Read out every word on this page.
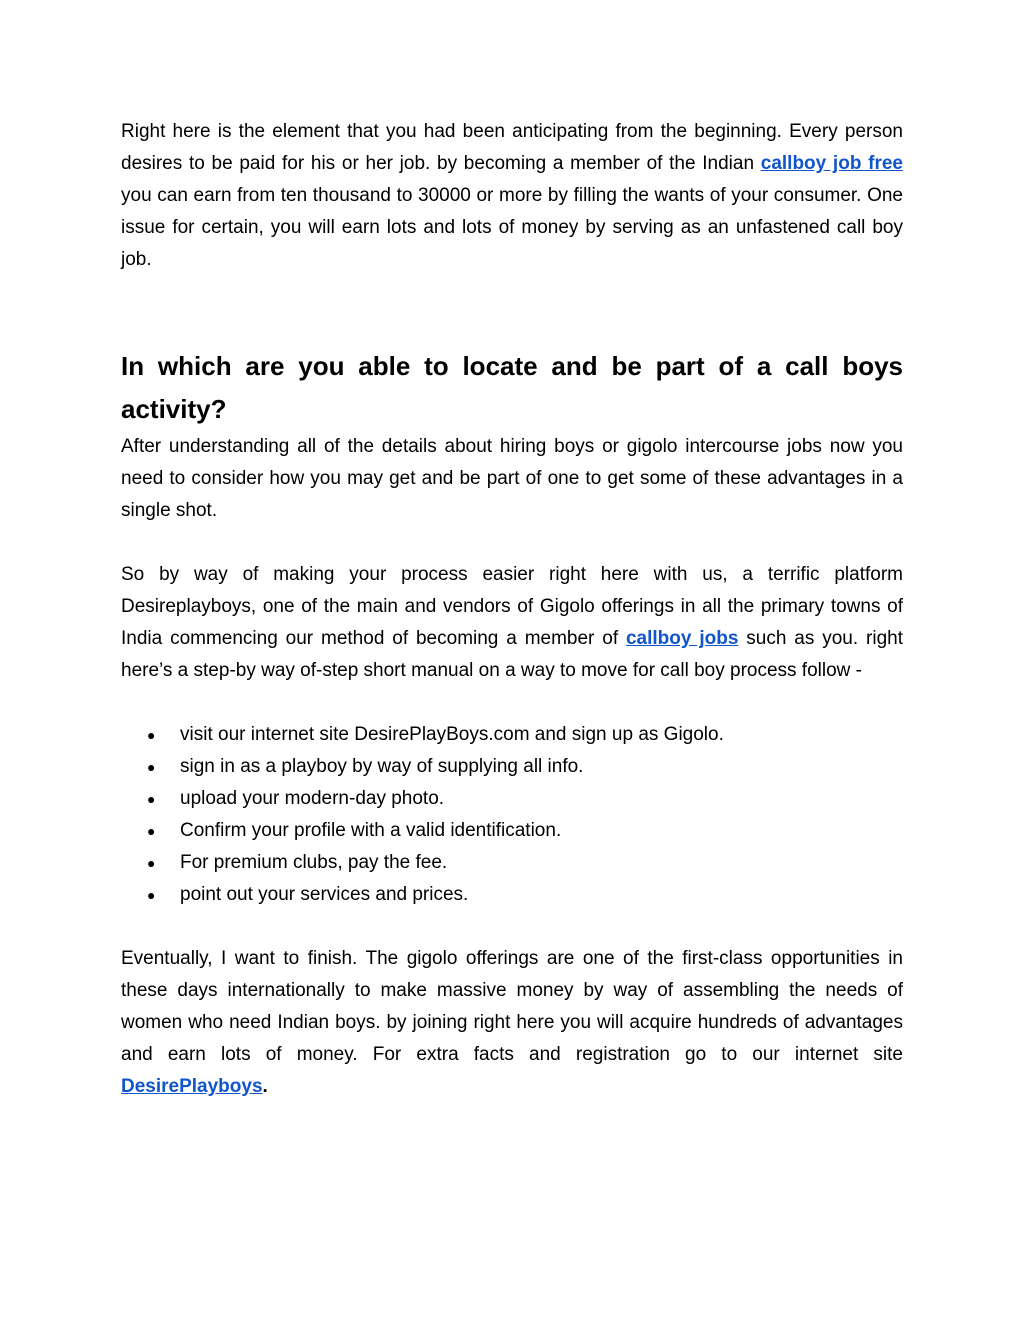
Right here is the element that you had been anticipating from the beginning. Every person desires to be paid for his or her job. by becoming a member of the Indian callboy job free you can earn from ten thousand to 30000 or more by filling the wants of your consumer. One issue for certain, you will earn lots and lots of money by serving as an unfastened call boy job.

In which are you able to locate and be part of a call boys activity?

After understanding all of the details about hiring boys or gigolo intercourse jobs now you need to consider how you may get and be part of one to get some of these advantages in a single shot.

So by way of making your process easier right here with us, a terrific platform Desireplayboys, one of the main and vendors of Gigolo offerings in all the primary towns of India commencing our method of becoming a member of callboy jobs such as you. right here’s a step-by way of-step short manual on a way to move for call boy process follow -

● visit our internet site DesirePlayBoys.com and sign up as Gigolo.
● sign in as a playboy by way of supplying all info.
● upload your modern-day photo.
● Confirm your profile with a valid identification.
● For premium clubs, pay the fee.
● point out your services and prices.

Eventually, I want to finish. The gigolo offerings are one of the first-class opportunities in these days internationally to make massive money by way of assembling the needs of women who need Indian boys. by joining right here you will acquire hundreds of advantages and earn lots of money. For extra facts and registration go to our internet site DesirePlayboys.
